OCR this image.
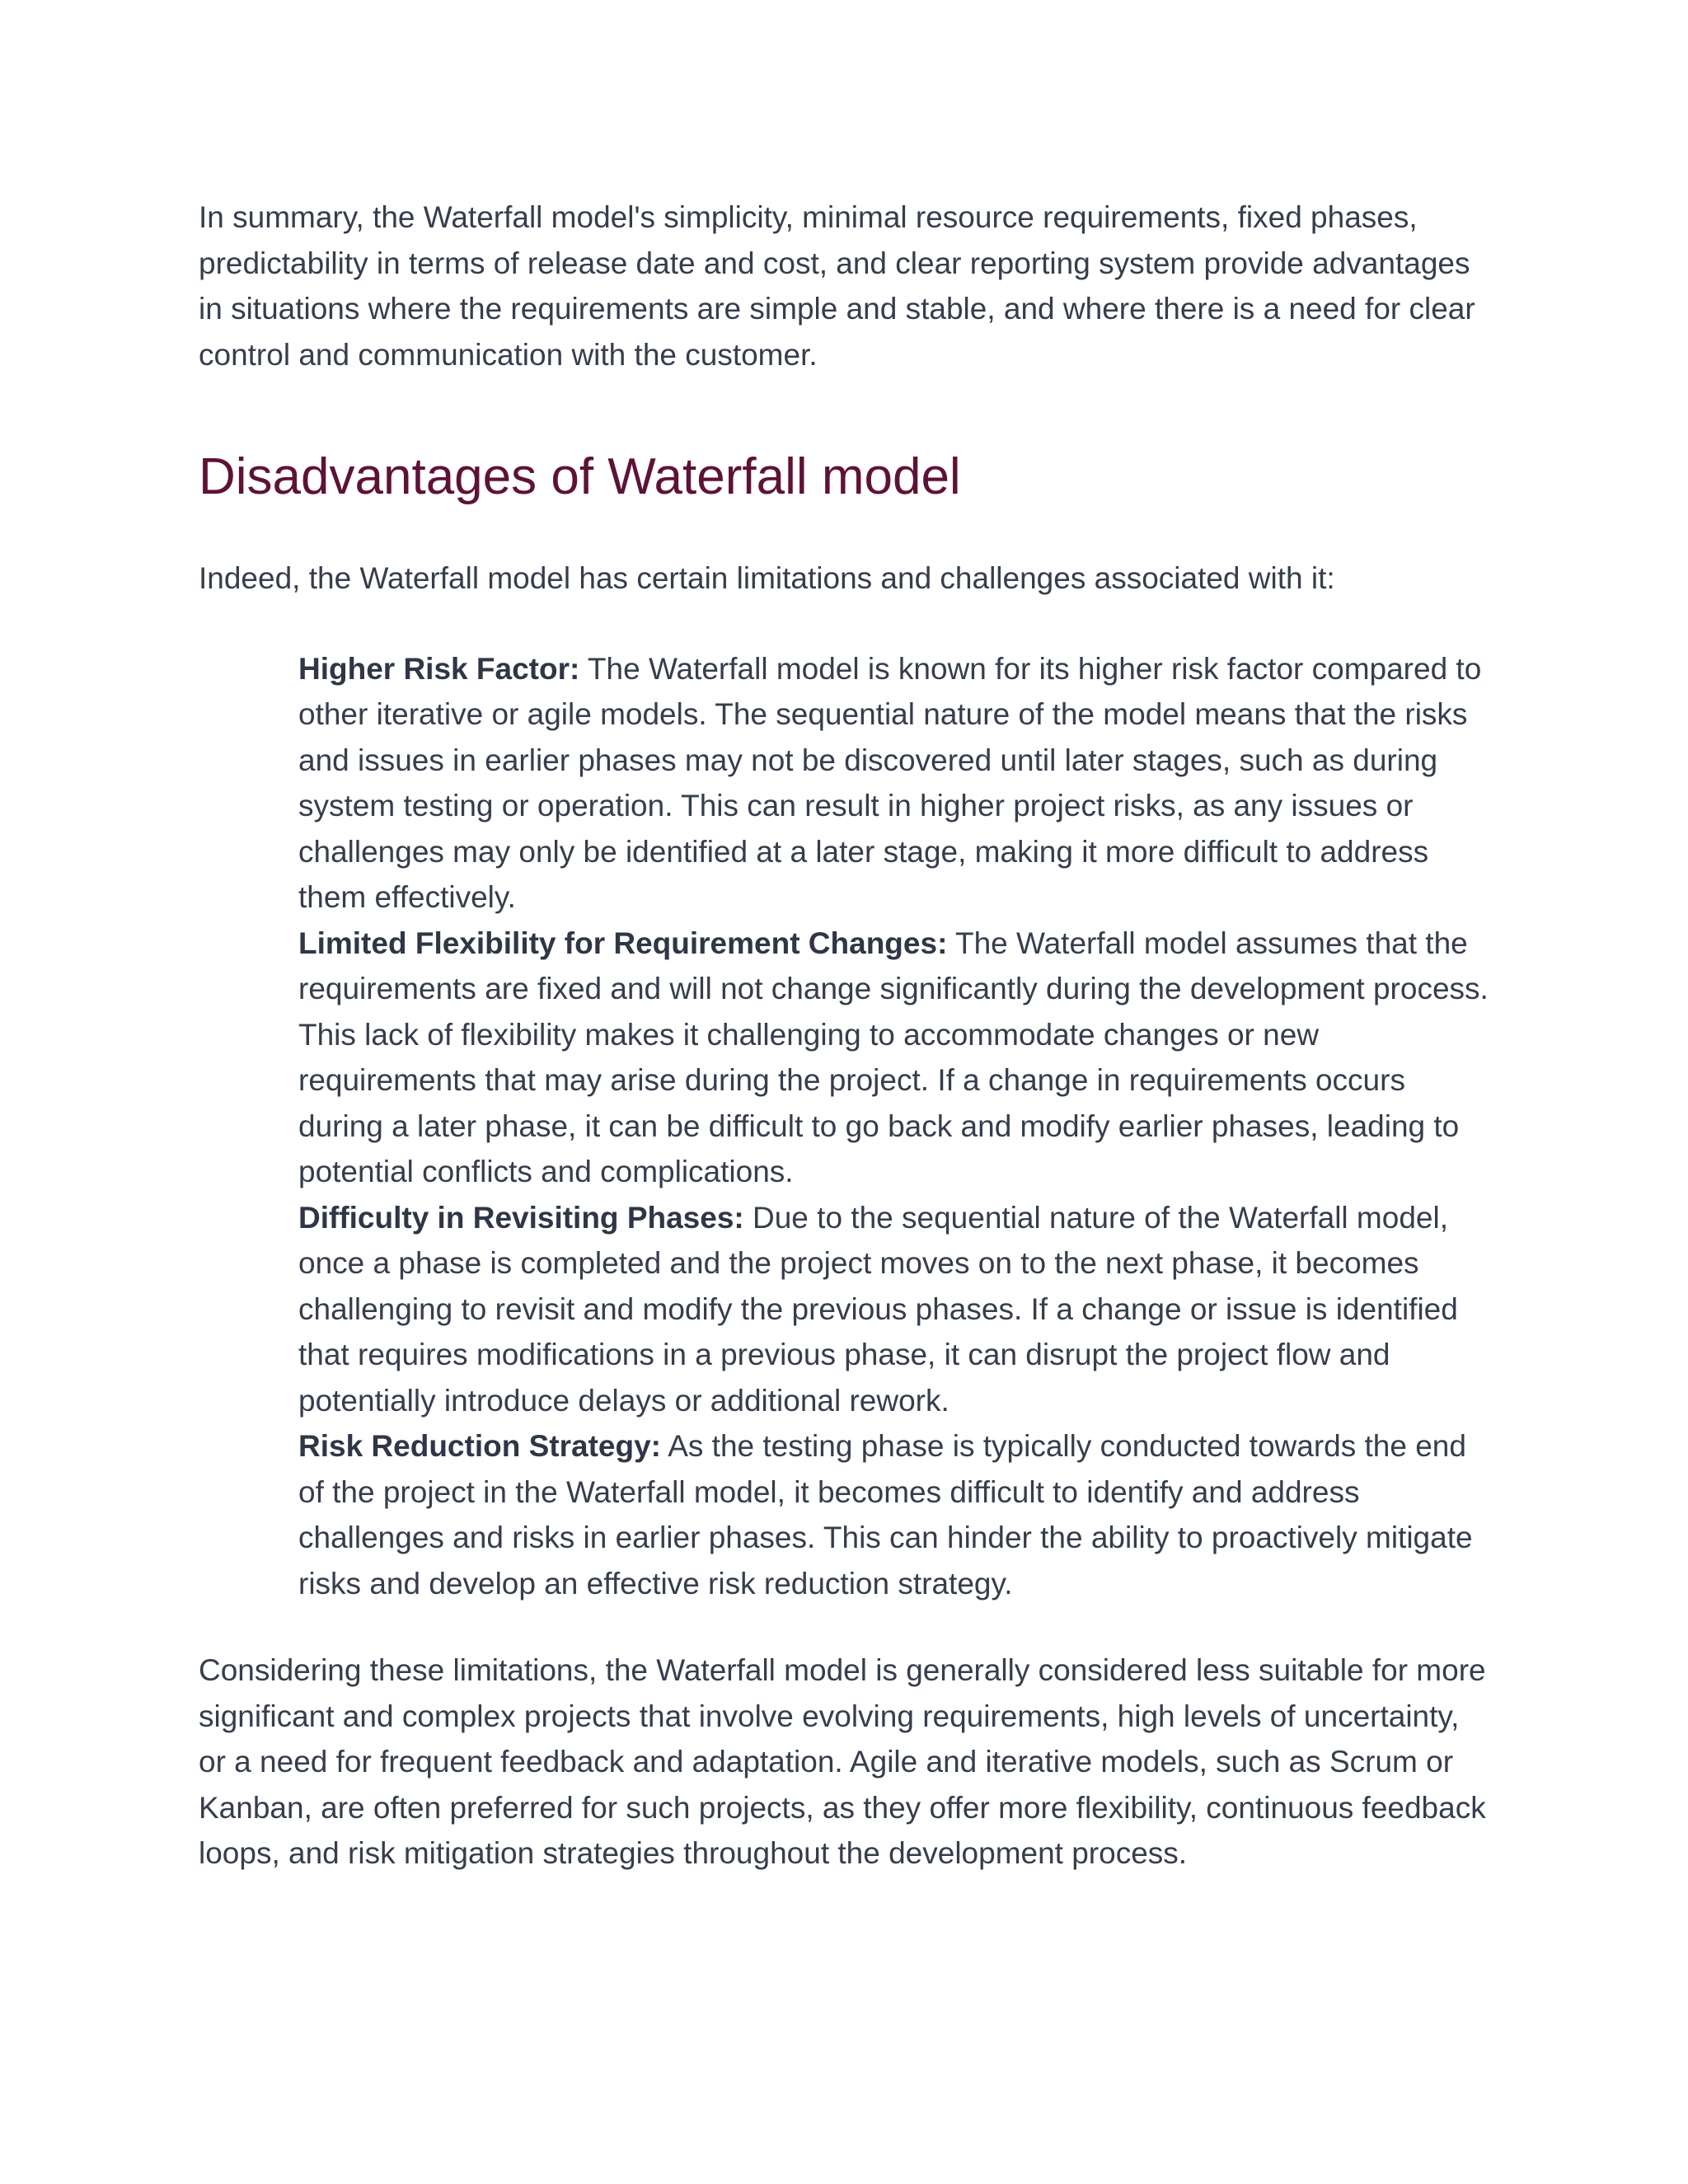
In summary, the Waterfall model's simplicity, minimal resource requirements, fixed phases, predictability in terms of release date and cost, and clear reporting system provide advantages in situations where the requirements are simple and stable, and where there is a need for clear control and communication with the customer.

Disadvantages of Waterfall model

Indeed, the Waterfall model has certain limitations and challenges associated with it:

Higher Risk Factor: The Waterfall model is known for its higher risk factor compared to other iterative or agile models. The sequential nature of the model means that the risks and issues in earlier phases may not be discovered until later stages, such as during system testing or operation. This can result in higher project risks, as any issues or challenges may only be identified at a later stage, making it more difficult to address them effectively.
Limited Flexibility for Requirement Changes: The Waterfall model assumes that the requirements are fixed and will not change significantly during the development process. This lack of flexibility makes it challenging to accommodate changes or new requirements that may arise during the project. If a change in requirements occurs during a later phase, it can be difficult to go back and modify earlier phases, leading to potential conflicts and complications.
Difficulty in Revisiting Phases: Due to the sequential nature of the Waterfall model, once a phase is completed and the project moves on to the next phase, it becomes challenging to revisit and modify the previous phases. If a change or issue is identified that requires modifications in a previous phase, it can disrupt the project flow and potentially introduce delays or additional rework.
Risk Reduction Strategy: As the testing phase is typically conducted towards the end of the project in the Waterfall model, it becomes difficult to identify and address challenges and risks in earlier phases. This can hinder the ability to proactively mitigate risks and develop an effective risk reduction strategy.

Considering these limitations, the Waterfall model is generally considered less suitable for more significant and complex projects that involve evolving requirements, high levels of uncertainty, or a need for frequent feedback and adaptation. Agile and iterative models, such as Scrum or Kanban, are often preferred for such projects, as they offer more flexibility, continuous feedback loops, and risk mitigation strategies throughout the development process.
